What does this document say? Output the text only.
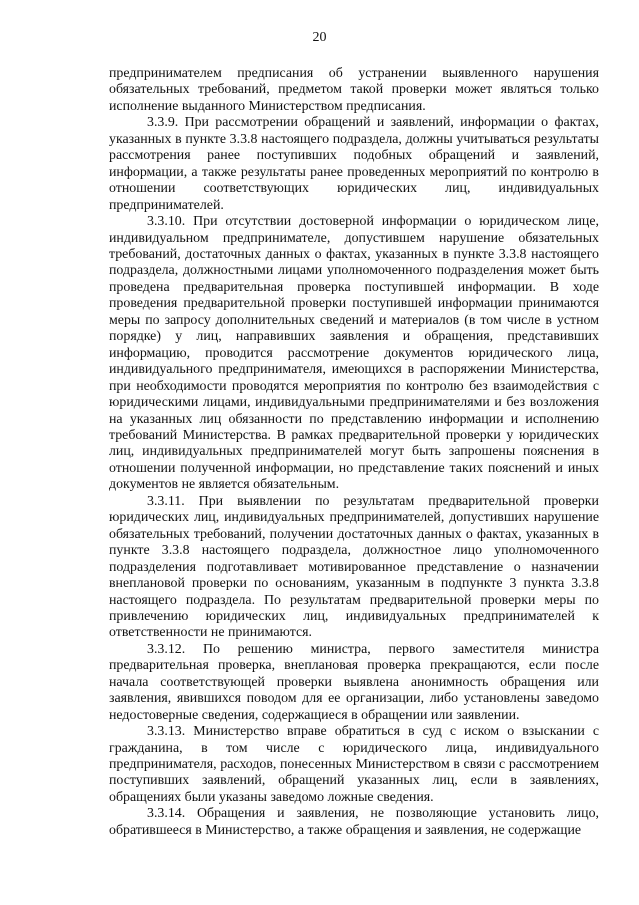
20

предпринимателем предписания об устранении выявленного нарушения обязательных требований, предметом такой проверки может являться только исполнение выданного Министерством предписания.

3.3.9. При рассмотрении обращений и заявлений, информации о фактах, указанных в пункте 3.3.8 настоящего подраздела, должны учитываться результаты рассмотрения ранее поступивших подобных обращений и заявлений, информации, а также результаты ранее проведенных мероприятий по контролю в отношении соответствующих юридических лиц, индивидуальных предпринимателей.

3.3.10. При отсутствии достоверной информации о юридическом лице, индивидуальном предпринимателе, допустившем нарушение обязательных требований, достаточных данных о фактах, указанных в пункте 3.3.8 настоящего подраздела, должностными лицами уполномоченного подразделения может быть проведена предварительная проверка поступившей информации. В ходе проведения предварительной проверки поступившей информации принимаются меры по запросу дополнительных сведений и материалов (в том числе в устном порядке) у лиц, направивших заявления и обращения, представивших информацию, проводится рассмотрение документов юридического лица, индивидуального предпринимателя, имеющихся в распоряжении Министерства, при необходимости проводятся мероприятия по контролю без взаимодействия с юридическими лицами, индивидуальными предпринимателями и без возложения на указанных лиц обязанности по представлению информации и исполнению требований Министерства. В рамках предварительной проверки у юридических лиц, индивидуальных предпринимателей могут быть запрошены пояснения в отношении полученной информации, но представление таких пояснений и иных документов не является обязательным.

3.3.11. При выявлении по результатам предварительной проверки юридических лиц, индивидуальных предпринимателей, допустивших нарушение обязательных требований, получении достаточных данных о фактах, указанных в пункте 3.3.8 настоящего подраздела, должностное лицо уполномоченного подразделения подготавливает мотивированное представление о назначении внеплановой проверки по основаниям, указанным в подпункте 3 пункта 3.3.8 настоящего подраздела. По результатам предварительной проверки меры по привлечению юридических лиц, индивидуальных предпринимателей к ответственности не принимаются.

3.3.12. По решению министра, первого заместителя министра предварительная проверка, внеплановая проверка прекращаются, если после начала соответствующей проверки выявлена анонимность обращения или заявления, явившихся поводом для ее организации, либо установлены заведомо недостоверные сведения, содержащиеся в обращении или заявлении.

3.3.13. Министерство вправе обратиться в суд с иском о взыскании с гражданина, в том числе с юридического лица, индивидуального предпринимателя, расходов, понесенных Министерством в связи с рассмотрением поступивших заявлений, обращений указанных лиц, если в заявлениях, обращениях были указаны заведомо ложные сведения.

3.3.14. Обращения и заявления, не позволяющие установить лицо, обратившееся в Министерство, а также обращения и заявления, не содержащие
